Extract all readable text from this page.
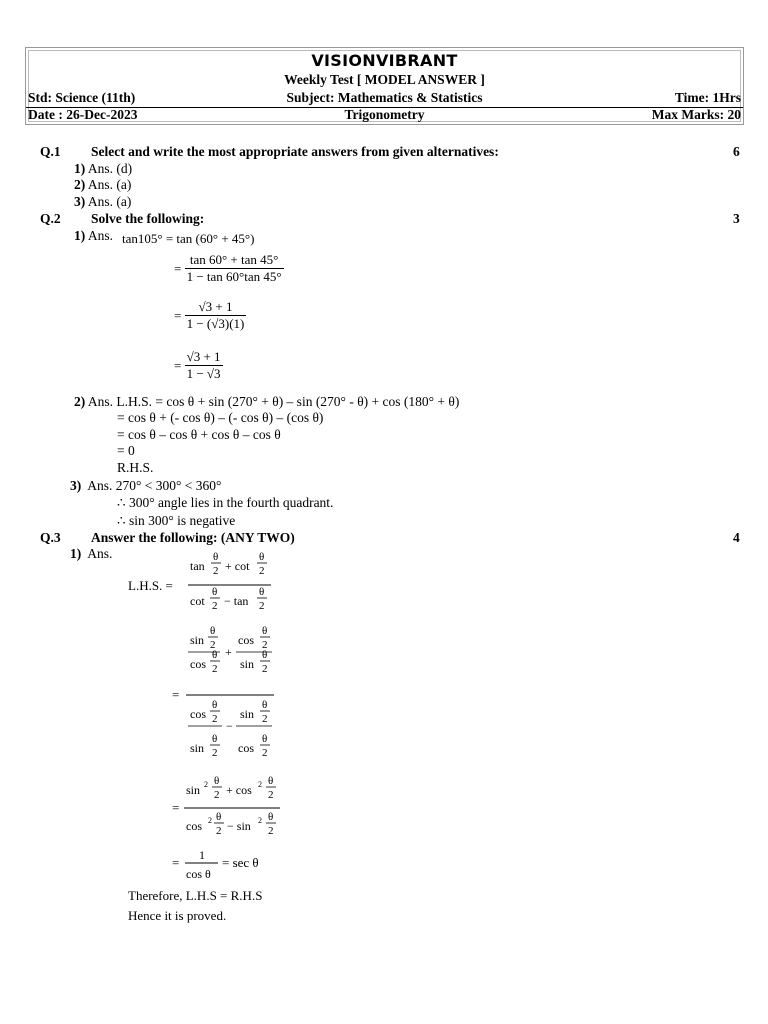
VISIONVIBRANT
Weekly Test [ MODEL ANSWER ]
Std: Science (11th)	Subject: Mathematics & Statistics	Time: 1Hrs
Date : 26-Dec-2023	Trigonometry	Max Marks: 20
Q.1 Select and write the most appropriate answers from given alternatives:	6
1) Ans. (d)
2) Ans. (a)
3) Ans. (a)
Q.2 Solve the following:	3
1) Ans. tan105° = tan (60° + 45°)
= $\frac{\tan 60^\circ + \tan 45^\circ}{1 - \tan 60^\circ\tan 45^\circ}$
= $\frac{√3 + 1}{1 - (√3)(1)}$
= $\frac{√3 + 1}{1 - √3}$
2) Ans. L.H.S. = cos θ + sin (270° + θ) – sin (270° - θ) + cos (180° + θ)
= cos θ + (- cos θ) – (- cos θ) – (cos θ)
= cos θ – cos θ + cos θ – cos θ
= 0
R.H.S.
3) Ans. 270° < 300° < 360°
∴ 300° angle lies in the fourth quadrant.
∴ sin 300° is negative
Q.3 Answer the following: (ANY TWO)	4
1) Ans.
L.H.S. =
tan
θ
2 + cot
θ
2
cot
θ
2 − tan
θ
2
=
sin
θ
2
cos
θ
2
+
cos
θ
2
sin
θ
2
cos
θ
2
sin
θ
2
−
sin
θ
2
cos
θ
2
=
sin 2 θ
2 + cos 2 θ
2
cos 2 θ
2 − sin 2 θ
2
= 1
cos θ
= sec θ
Therefore, L.H.S = R.H.S
Hence it is proved.
